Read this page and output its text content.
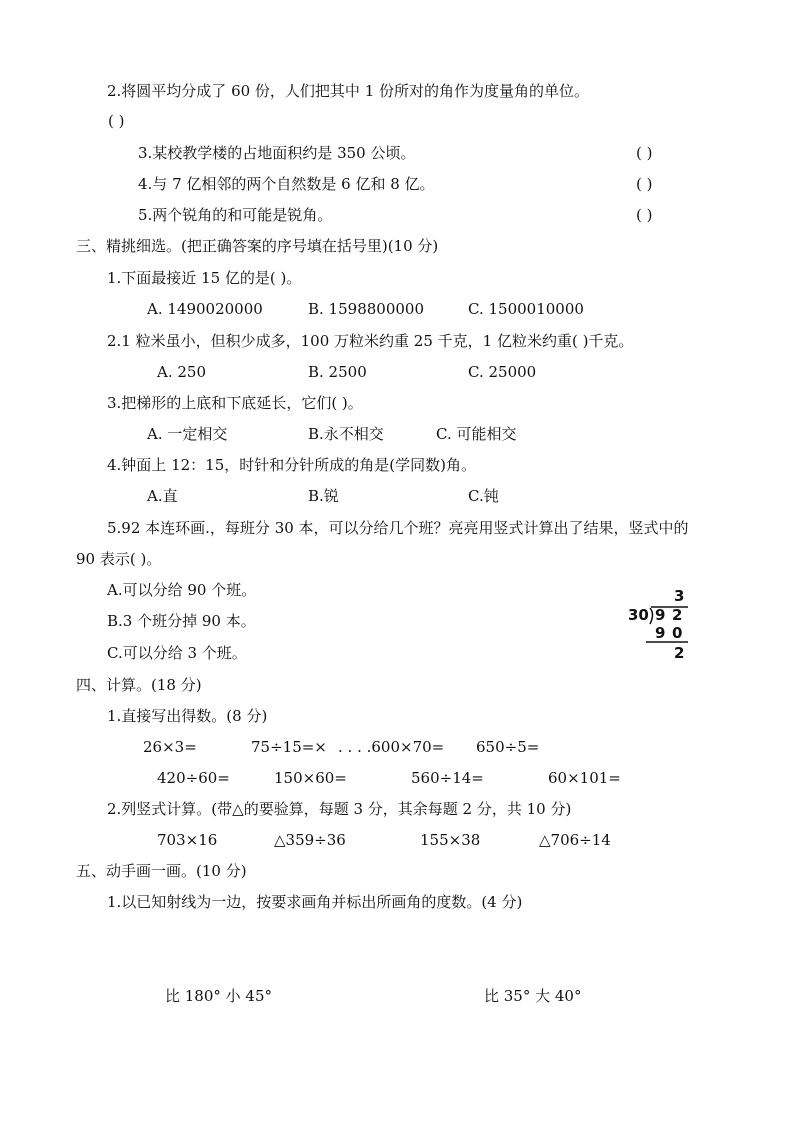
2.将圆平均分成了 60 份，人们把其中 1 份所对的角作为度量角的单位。
( )
3.某校教学楼的占地面积约是 350 公顷。	( )
4.与 7 亿相邻的两个自然数是 6 亿和 8 亿。	( )
5.两个锐角的和可能是锐角。	( )
三、精挑细选。(把正确答案的序号填在括号里)(10 分)
1.下面最接近 15 亿的是( )。
A. 1490020000	B. 1598800000	C. 1500010000
2.1 粒米虽小，但积少成多，100 万粒米约重 25 千克，1 亿粒米约重( )千克。
A. 250	B. 2500	C. 25000
3.把梯形的上底和下底延长，它们( )。
A. 一定相交	B.永不相交	C. 可能相交
4.钟面上 12：15，时针和分针所成的角是(学同数)角。
A.直	B.锐	C.钝
5.92 本连环画.，每班分 30 本，可以分给几个班？亮亮用竖式计算出了结果，竖式中的
90 表示( )。
A.可以分给 90 个班。
B.3 个班分掉 90 本。
C.可以分给 3 个班。
3
30 9 2
9 0
2
四、计算。(18 分)
1.直接写出得数。(8 分)
26×3=	75÷15=× . . . .600×70= 650÷5=
420÷60=	150×60=	560÷14=	60×101=
2.列竖式计算。(带△的要验算，每题 3 分，其余每题 2 分，共 10 分)
703×16	△359÷36	155×38	△706÷14
五、动手画一画。(10 分)
1.以已知射线为一边，按要求画角并标出所画角的度数。(4 分)
比 180° 小 45°	比 35° 大 40°
